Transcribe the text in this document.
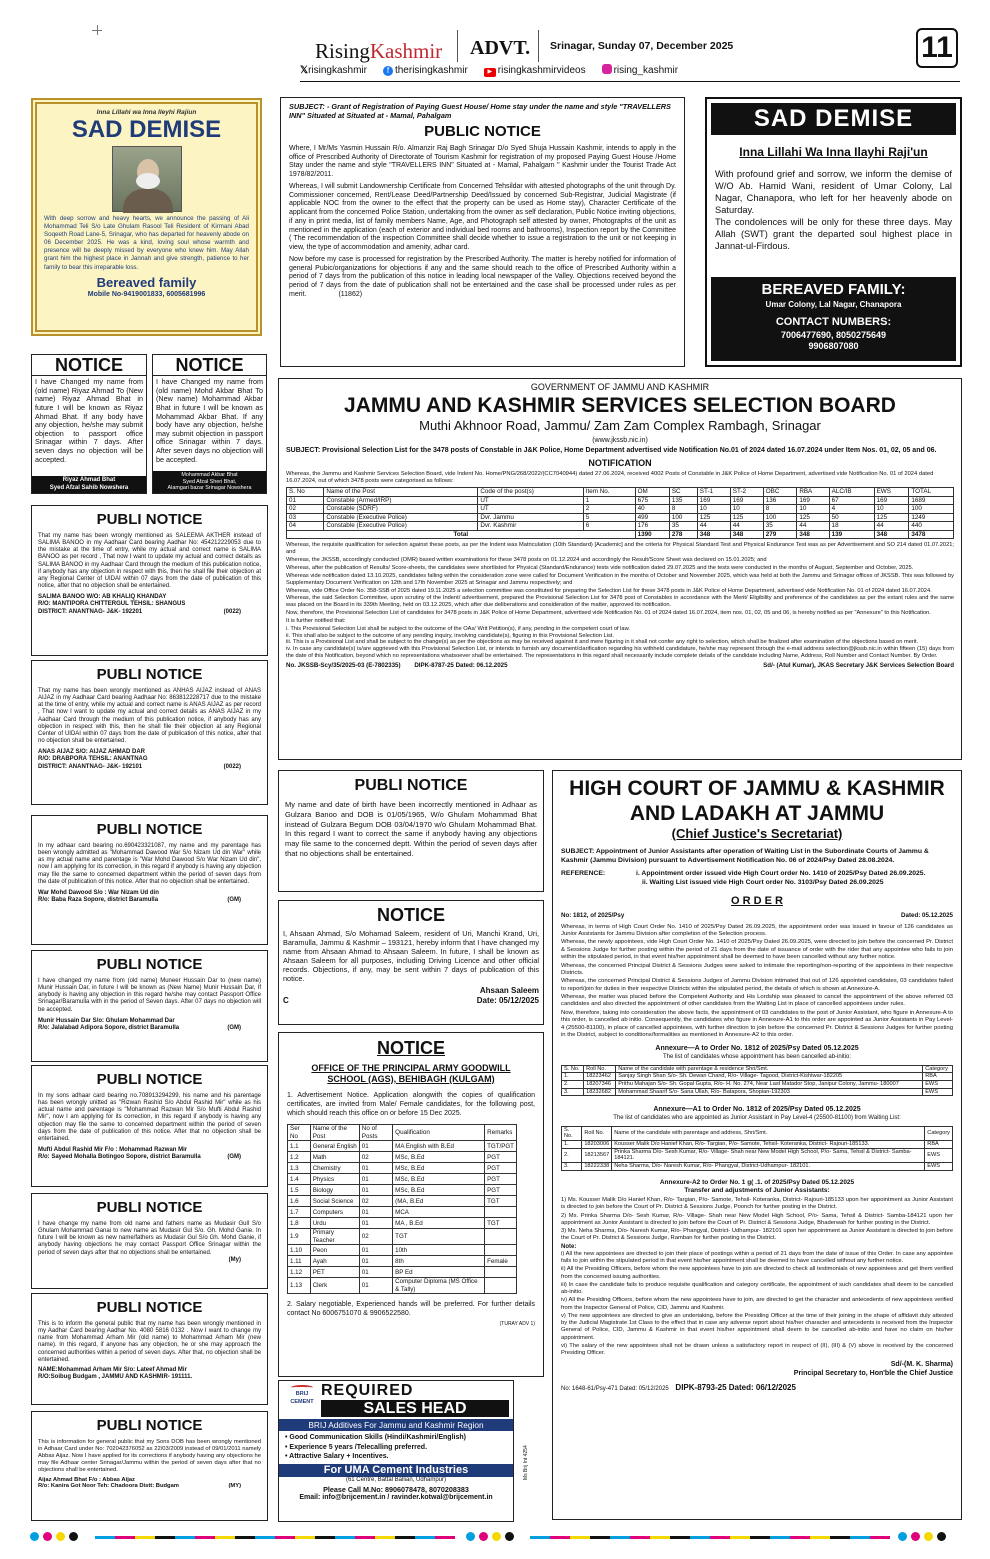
RisingKashmir ADVT. Srinagar, Sunday 07, December 2025	11
𝕏risingkashmir	f therisingkashmir	▶ risingkashmirvideos	rising_kashmir
Inna Lillahi wa Inna Ileyhi Rajiun
SAD DEMISE
With deep sorrow and heavy hearts, we announce the passing of Ali Mohammad Teli S/o Late Ghulam Rasool Teli Resident of Kirmani Abad Soqeeth Road Lane-5, Srinagar, who has departed for heavenly abode on 06 December 2025. He was a kind, loving soul whose warmth and presence will be deeply missed by everyone who knew him. May Allah grant him the highest place in Jannah and give strength, patience to her family to bear this irreparable loss.
Bereaved family
Mobile No-9419001833, 6005681996
NOTICE
I have Changed my name from (old name) Riyaz Ahmad To (New name) Riyaz Ahmad Bhat in future I will be known as Riyaz Ahmad Bhat. If any body have any objection, he/she may submit objection to passport office Srinagar within 7 days. After seven days no objection will be accepted.
Riyaz Ahmad Bhat
Syed Afzal Sahib Nowshera
NOTICE
I have Changed my name from (old name) Mohd Akbar Bhat To (New name) Mohammad Akbar Bhat in future I will be known as Mohammad Akbar Bhat. If any body have any objection, he/she may submit objection in passport office Srinagar within 7 days. After seven days no objection will be accepted.
Mohammad Akbar Bhat
Syed Afzal Sheri Bhat,
Alamgari bazar Srinagar Nowshera
PUBLI NOTICE
That my name has been wrongly mentioned as SALEEMA AKTHER instead of SALIMA BANOO in my Aadhaar Card bearing Aadhar No: 454212229053 due to the mistake at the time of entry, while my actual and correct name is SALIMA BANOO as per record , That now I want to update my actual and correct details as SALIMA BANOO in my Aadhaar Card through the medium of this publication notice, if anybody has any objection in respect with this, then he shall file their objection at any Regional Center of UIDAI within 07 days from the date of publication of this notice, after that no objection shall be entertained.
SALIMA BANOO W/O: AB KHALIQ KHANDAY
R/O: MANTIPORA CHITTERGUL TEHSIL: SHANGUS
DISTRICT: ANANTNAG- J&K- 192201	(0022)
PUBLI NOTICE
That my name has been wrongly mentioned as ANHAS AIJAZ instead of ANAS AIJAZ in my Aadhaar Card bearing Aadhaar No: 863812228717 due to the mistake at the time of entry, while my actual and correct name is ANAS AIJAZ as per record , That now I want to update my actual and correct details as ANAS AIJAZ in my Aadhaar Card through the medium of this publication notice, if anybody has any objection in respect with this, then he shall file their objection at any Regional Center of UIDAI within 07 days from the date of publication of this notice, after that no objection shall be entertained.
ANAS AIJAZ S/O: AIJAZ AHMAD DAR
R/O: DRABPORA TEHSIL: ANANTNAG
DISTRICT: ANANTNAG- J&K- 192101	(0022)
PUBLI NOTICE
In my adhaar card bearing no.690423321087, my name and my parentage has been wrongly admitted as "Mohammad Dawood War S/o Nizam Ud din War" while as my actual name and parentage is "War Mohd Dawood S/o War Nizam Ud din", now I am applying for its correction, in this regard if anybody is having any objection may file the same to concerned department within the period of seven days from the date of publication of this notice. After that no objection shall be entertained.
War Mohd Dawood S/o : War Nizam Ud din
R/o: Baba Raza Sopore, district Baramulla	(GM)
PUBLI NOTICE
I have changed my name from (old name) Muneer Hussain Dar to (new name) Munir Hussain Dar, in future I will be known as (New Name) Munir Hussain Dar, If anybody is having any objection in this regard he/she may contact Passport Office Srinagar/Baramulla with in the period of Seven days. After 07 days no objection will be accepted.
Munir Hussain Dar S/o: Ghulam Mohammad Dar
R/o: Jalalabad Adipora Sopore, district Baramulla	(GM)
PUBLI NOTICE
In my sons adhaar card bearing no.708913294299, his name and his parentage has been wrongly unitted as "Rizwan Rashid S/o Abdul Rashid Mir" while as his actual name and parentage is "Mohammad Razwan Mir S/o Mufti Abdul Rashid Mir", now I am applying for its correction, in this regard if anybody is having any objection may file the same to concerned department within the period of seven days from the date of publication of this notice. After that no objection shall be entertained.
Mufti Abdul Rashid Mir F/o : Mohammad Razwan Mir
R/o: Sayeed Mohalla Botingoo Sopore, district Baramulla	(GM)
PUBLI NOTICE
I have change my name from old name and fathers name as Mudasir Gull S/o Ghulam Mohammad Ganai to new name as Mudasir Gul S/o. Gh. Mohd Ganie. In future I will be known as new name/fathers as Mudasir Gul S/o Gh. Mohd Ganie, if anybody having objections he may contact Passport Office Srinagar within the period of seven days after that no objections shall be entertained.
(My)
PUBLI NOTICE
This is to inform the general public that my name has been wrongly mentioned in my Aadhar Card bearing Aadhar No. 4080 5816 0132 . Now I want to change my name from Mohammad Arham Mir (old name) to Mohammad Arham Mir (new name). In this regard, if anyone has any objection, he or she may approach the concerned authorities within a period of seven days. After that, no objection shall be entertained.
NAME:Mohammad Arham Mir S/o: Lateef Ahmad Mir
R/O:Soibug Budgam , JAMMU AND KASHMIR- 191111.
PUBLI NOTICE
This is information for general public that my Sons DOB has been wrongly mentioned in Adhaar Card under No: 702042376052 as 22/03/2009 instead of 09/01/2011 namely Abbas Aijaz. Now I have applied for its corrections if anybody having any objections he may file Adhaar center Srinagar/Jammu within the period of seven days after that no objections shall be entertained.
Aijaz Ahmad Bhat F/o : Abbas Aijaz
R/o: Kanira Got Noor Teh: Chadoora Distt: Budgam	(MY)
SUBJECT: - Grant of Registration of Paying Guest House/ Home stay under the name and style "TRAVELLERS INN" Situated at Situated at - Mamal, Pahalgam
PUBLIC NOTICE

Where, I Mr/Ms Yasmin Hussain R/o. Almanzir Raj Bagh Srinagar D/o Syed Shuja Hussain Kashmir, intends to apply in the office of Prescribed Authority of Directorate of Tourism Kashmir for registration of my proposed Paying Guest House /Home Stay under the name and style "TRAVELLERS INN" Situated at - Mamal, Pahalgam " Kashmir under the Tourist Trade Act 1978/82/2011.

Whereas, I will submit Landownership Certificate from Concerned Tehsildar with attested photographs of the unit through Dy. Commissioner concerned, Rent/Lease Deed/Partnership Deed/Issued by concerned Sub-Registrar, Judicial Magistrate (if applicable NOC from the owner to the effect that the property can be used as Home stay), Character Certificate of the applicant from the concerned Police Station, undertaking from the owner as self declaration, Public Notice inviting objections, if any in print media, list of family members Name, Age, and Photograph self attested by owner, Photographs of the unit as mentioned in the application (each of exterior and individual bed rooms and bathrooms), Inspection report by the Committee ( The recommendation of the inspection Committee shall decide whether to issue a registration to the unit or not keeping in view, the type of accommodation and amenity, adhar card.

Now before my case is processed for registration by the Prescribed Authority. The matter is hereby notified for information of general Pubic/organizations for objections if any and the same should reach to the office of Prescribed Authority within a period of 7 days from the publication of this notice in leading local newspaper of the Valley. Objections received beyond the period of 7 days from the date of publication shall not be entertained and the case shall be processed under rules as per merit.	(11862)

SAD DEMISE
Inna Lillahi Wa Inna Ilayhi Raji'un
With profound grief and sorrow, we inform the demise of W/O Ab. Hamid Wani, resident of Umar Colony, Lal Nagar, Chanapora, who left for her heavenly abode on Saturday.
The condolences will be only for these three days. May Allah (SWT) grant the departed soul highest place in Jannat-ul-Firdous.
BEREAVED FAMILY:
Umar Colony, Lal Nagar, Chanapora
CONTACT NUMBERS:
7006477690, 8050275649
9906807080
GOVERNMENT OF JAMMU AND KASHMIR
JAMMU AND KASHMIR SERVICES SELECTION BOARD
Muthi Akhnoor Road, Jammu/ Zam Zam Complex Rambagh, Srinagar
(www.jkssb.nic.in)
SUBJECT: Provisional Selection List for the 3478 posts of Constable in J&K Police, Home Department advertised vide Notification No.01 of 2024 dated 16.07.2024 under Item Nos. 01, 02, 05 and 06.
NOTIFICATION
Whereas, the Jammu and Kashmir Services Selection Board, vide Indent No. Home/PNG/268/2022/(CC7040944) dated 27.06.2024, received 4002 Posts of Constable in J&K Police of Home Department, advertised vide Notification No. 01 of 2024 dated 16.07.2024, out of which 3478 posts were categorised as follows:
S. No	Name of the Post	Code of the post(s)	Item No.	OM	SC	ST-1	ST-2	OBC	RBA	ALC/IB	EWS	TOTAL
01	Constable (Armed/IRP)	UT	1	675	135	169	169	136	169	67	169	1689
02	Constable (SDRF)	UT	2	40	8	10	10	8	10	4	10	100
03	Constable (Executive Police)	Dvr. Jammu	5	499	100	125	125	100	125	50	125	1249
04	Constable (Executive Police)	Dvr. Kashmir	6	176	35	44	44	35	44	18	44	440
Total				1390	278	348	348	279	348	139	348	3478
Whereas, the requisite qualification for selection against these posts, as per the Indent was Matriculation (10th Standard) [Academic] and the criteria for Physical Standard Test and Physical Endurance Test was as per Advertisement and SO 214 dated 01.07.2021; and
Whereas, the JKSSB, accordingly conducted (OMR) based written examinations for these 3478 posts on 01.12.2024 and accordingly the Result/Score Sheet was declared on 15.01.2025; and
Whereas, after the publication of Results/ Score-sheets, the candidates were shortlisted for Physical (Standard/Endurance) tests vide notification dated 29.07.2025 and the tests were conducted in the months of August, September and October, 2025.
Whereas vide notification dated 13.10.2025, candidates falling within the consideration zone were called for Document Verification in the months of October and November 2025, which was held at both the Jammu and Srinagar offices of JKSSB. This was followed by Supplementary Document Verification on 12th and 17th November 2025 at Srinagar and Jammu respectively; and
Whereas, vide Office Order No. 358-SSB of 2025 dated 19.11.2025 a selection committee was constituted for preparing the Selection List for these 3478 posts in J&K Police of Home Department, advertised vide Notification No. 01 of 2024 dated 16.07.2024.
Whereas, the said Selection Committee, upon scrutiny of the Indent/ advertisement, prepared the Provisional Selection List for 3478 post of Constables in accordance with the Merit/ Eligibility and preference of the candidates as per the extant rules and the same was placed on the Board in its 339th Meeting, held on 03.12.2025, which after due deliberations and consideration of the matter, approved its notification.
Now, therefore, the Provisional Selection List of candidates for 3478 posts in J&K Police of Home Department, advertised vide Notification No. 01 of 2024 dated 16.07.2024, item nos. 01, 02, 05 and 06, is hereby notified as per "Annexure" to this Notification.
It is further notified that:
i. This Provisional Selection List shall be subject to the outcome of the OAs/ Writ Petition(s), if any, pending in the competent court of law.
ii. This shall also be subject to the outcome of any pending inquiry, involving candidate(s), figuring in this Provisional Selection List.
iii. This is a Provisional List and shall be subject to the change(s) as per the objections as may be received against it and mere figuring in it shall not confer any right to selection, which shall be finalized after examination of the objections based on merit.
iv. In case any candidate(s) is/are aggrieved with this Provisional Selection List, or intends to furnish any document/clarification regarding his withheld candidature, he/she may represent through the e-mail address selection@jkssb.nic.in within fifteen (15) days from the date of this Notification, beyond which no representations whatsoever shall be entertained. The representations in this regard shall necessarily include complete details of the candidate including Name, Address, Roll Number and Contact Number. By Order.
No. JKSSB-Scy/35/2025-03 (E-7802335) DIPK-8787-25 Dated: 06.12.2025	Sd/- (Atul Kumar), JKAS Secretary J&K Services Selection Board
PUBLI NOTICE
My name and date of birth have been incorrectly mentioned in Adhaar as Gulzara Banoo and DOB is 01/05/1965, W/o Ghulam Mohammad Bhat instead of Gulzara Begum DOB 03/04/1970 w/o Ghulam Mohammad Bhat. In this regard I want to correct the same if anybody having any objections may file same to the concerned deptt. Within the period of seven days after that no objections shall be entertained.
NOTICE
I, Ahsaan Ahmad, S/o Mohamad Saleem, resident of Uri, Manchi Krand, Uri, Baramulla, Jammu & Kashmir – 193121, hereby inform that I have changed my name from Ahsaan Ahmad to Ahsaan Saleem. In future, I shall be known as Ahsaan Saleem for all purposes, including Driving Licence and other official records. Objections, if any, may be sent within 7 days of publication of this notice.
Ahsaan Saleem
C	Date: 05/12/2025
NOTICE
OFFICE OF THE PRINCIPAL ARMY GOODWILL SCHOOL (AGS), BEHIBAGH (KULGAM)
1. Advertisement Notice. Application alongwith the copies of qualification certificates, are invited from Male/ Female candidates, for the following post, which should reach this office on or before 15 Dec 2025.
Ser No	Name of the Post	No of Posts	Qualification	Remarks
1.1	General English	01	MA English with B.Ed	TGT/PGT
1.2	Math	02	MSc, B.Ed	PGT
1.3	Chemistry	01	MSc, B.Ed	PGT
1.4	Physics	01	MSc, B.Ed	PGT
1.5	Biology	01	MSc, B.Ed	PGT
1.6	Social Science	02	(MA, B.Ed	TGT
1.7	Computers	01	MCA	
1.8	Urdu	01	MA , B.Ed	TGT
1.9	Primary Teacher	02	TGT	
1.10	Peon	01	10th	
1.11	Ayah	01	8th	Female
1.12	PET	01	BP Ed	
1.13	Clerk	01	Computer Diploma (MS Office & Tally)	
2. Salary negotiable, Experienced hands will be preferred. For further details contact No 6006751070 & 9906522580.
(TURAY ADV 1)
BRIJ CEMENT
REQUIRED
SALES HEAD
BRIJ Additives For Jammu and Kashmir Region
• Good Communication Skills (Hindi/Kashmiri/English)
• Experience 5 years /Telecalling preferred.
• Attractive Salary + Incentives.
For UMA Cement Industries
(61 Centre, Battal Ballian, Udhampur)
Please Call M.No: 8906078478, 8070208383
Email: info@brijcement.in / ravinder.kotwal@brijcement.in
Ms Brij Int 4254
HIGH COURT OF JAMMU & KASHMIR
AND LADAKH AT JAMMU
(Chief Justice's Secretariat)
SUBJECT: Appointment of Junior Assistants after operation of Waiting List in the Subordinate Courts of Jammu & Kashmir (Jammu Division) pursuant to Advertisement Notification No. 06 of 2024/Psy Dated 28.08.2024.
REFERENCE:	i. Appointment order issued vide High Court order No. 1410 of 2025/Psy Dated 26.09.2025.
ii. Waiting List issued vide High Court order No. 3103/Psy Dated 26.09.2025
O R D E R
No: 1812, of 2025/Psy	Dated: 05.12.2025
Whereas, in terms of High Court Order No. 1410 of 2025/Psy Dated 26.09.2025, the appointment order was issued in favour of 126 candidates as Junior Assistants for Jammu Division after completion of the Selection process.
Whereas, the newly appointees, vide High Court Order No. 1410 of 2025/Psy Dated 26.09.2025, were directed to join before the concerned Pr. District & Sessions Judge for further posting within the period of 21 days from the date of issuance of order with the rider that any appointee who fails to join within the stipulated period, in that event his/her appointment shall be deemed to have been cancelled without any further notice.
Whereas, the concerned Principal District & Sessions Judges were asked to intimate the reporting/non-reporting of the appointees in their respective Districts.
Whereas, the concerned Principal District & Sessions Judges of Jammu Division intimated that out of 126 appointed candidates, 03 candidates failed to report/join for duties in their respective Districts within the stipulated period, the details of which is shown at Annexure-A.
Whereas, the matter was placed before the Competent Authority and His Lordship was pleased to cancel the appointment of the above referred 03 candidates and also directed the appointment of other candidates from the Waiting List in place of cancelled appointees under rules.
Now, therefore, taking into consideration the above facts, the appointment of 03 candidates to the post of Junior Assistant, who figure in Annexure-A to this order, is cancelled ab initio. Consequently, the candidates who figure in Annexure-A1 to this order are appointed as Junior Assistants in Pay Level-4 (25500-81100), in place of cancelled appointees, with further direction to join before the concerned Pr. District & Sessions Judges for further posting in the District, subject to conditions/formalities as mentioned in Annexure-A2 to this order.
Annexure—A to Order No. 1812 of 2025/Psy Dated 05.12.2025
The list of candidates whose appointment has been cancelled ab-initio:
S. No.	Roll No.	Name of the candidate with parentage & residence Shri/Smt.	Category
1.	18223462	Sanjay Singh Shan S/o- Sh. Dewan Chand, R/o- Village- Tagood, District-Kishtwar-182205	RBA
2.	18207346	Prithu Mahajan S/o- Sh. Gopal Gupta, R/o- H. No. 274, Near Last Matador Stop, Janipur Colony, Jammu- 180007	EWS
3.	18232682	Mohammad Shaarif S/o- Sana Ullah, R/o- Batapora, Shopian-192303	EWS
Annexure—A1 to Order No. 1812 of 2025/Psy Dated 05.12.2025
The list of candidates who are appointed as Junior Assistant in Pay Level-4 (25500-81100) from Waiting List:
S. No.	Roll No.	Name of the candidate with parentage and address, Shri/Smt.	Category
1.	18203006	Kousser Malik D/o Hanief Khan, R/o- Targian, P/o- Samote, Tehsil- Koteranka, District- Rajouri-185133.	RBA
2.	18213567	Prinka Sharma D/o- Sesh Kumar, R/o- Village- Shah near New Model High School, P/o- Sama, Tehsil & District- Samba-184121.	EWS
3.	18222338	Neha Sharma, D/o- Naresh Kumar, R/o- Phangyal, District-Udhampur- 182101.	EWS
Annexure-A2 to Order No. 1 g( .1. of 2025/Psy Dated 05.12.2025
Transfer and adjustments of Junior Assistants:
1) Ms. Kousser Malik D/o Hanief Khan, R/o- Targian, P/o- Samote, Tehsil- Koteranka, District- Rajouri-185133 upon her appointment as Junior Assistant is directed to join before the Court of Pr. District & Sessions Judge, Poonch for further posting in the District.
2) Ms. Prinka Sharma D/o- Sesh Kumar, R/o- Village- Shah near New Model High School, P/o- Sama, Tehsil & District- Samba-184121 upon her appointment as Junior Assistant is directed to join before the Court of Pr. District & Sessions Judge, Bhaderwah for further posting in the District.
3) Ms. Neha Sharma, D/o- Naresh Kumar, R/o- Phangyal, District- Udhampur- 182101 upon her appointment as Junior Assistant is directed to join before the Court of Pr. District & Sessions Judge, Ramban for further posting in the District.
Note:
i) All the new appointees are directed to join their place of postings within a period of 21 days from the date of issue of this Order. In case any appointee fails to join within the stipulated period in that event his/her appointment shall be deemed to have cancelled without any further notice.
ii) All the Presiding Officers, before whom the new appointees have to join are directed to check all testimonials of new appointees and get them verified from the concerned issuing authorities.
iii) In case the candidate fails to produce requisite qualification and category certificate, the appointment of such candidates shall deem to be cancelled ab-initio.
iv) All the Presiding Officers, before whom the new appointees have to join, are directed to get the character and antecedents of new appointees verified from the Inspector General of Police, CID, Jammu and Kashmir.
v) The new appointees are directed to give an undertaking, before the Presiding Officer at the time of their joining in the shape of affidavit duly attested by the Judicial Magistrate 1st Class to the effect that in case any adverse report about his/her character and antecedents is received from the Inspector General of Police, CID, Jammu & Kashmir in that event his/her appointment shall deem to be cancelled ab-initio and have no claim on his/her appointment.
vi) The salary of the new appointees shall not be drawn unless a satisfactory report in respect of (II), (III) & (V) above is received by the concerned Presiding Officer.
Sd/-(M. K. Sharma)
Principal Secretary to, Hon'ble the Chief Justice
No: 1648-61/Psy-471 Dated: 05/12/2025 DIPK-8793-25 Dated: 06/12/2025
